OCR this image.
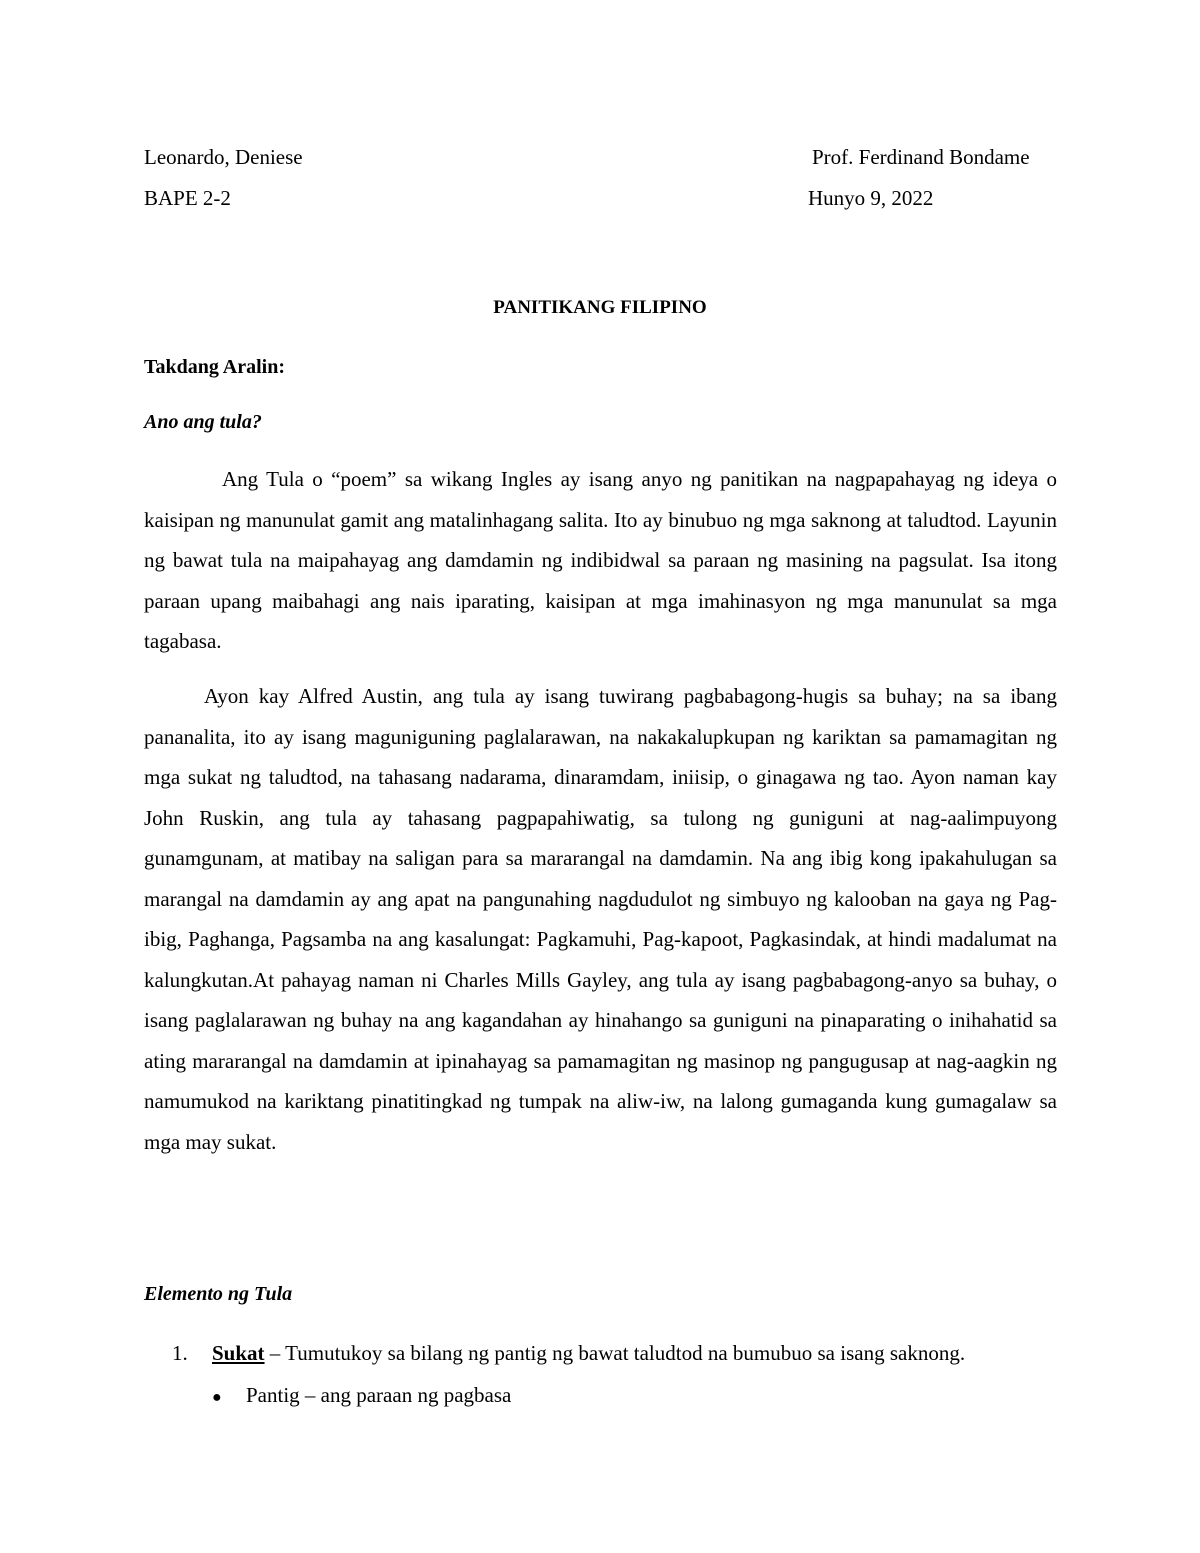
Leonardo, Deniese	Prof. Ferdinand Bondame
BAPE 2-2	Hunyo 9, 2022
PANITIKANG FILIPINO
Takdang Aralin:
Ano ang tula?

Ang Tula o “poem” sa wikang Ingles ay isang anyo ng panitikan na nagpapahayag ng ideya o kaisipan ng manunulat gamit ang matalinhagang salita. Ito ay binubuo ng mga saknong at taludtod. Layunin ng bawat tula na maipahayag ang damdamin ng indibidwal sa paraan ng masining na pagsulat. Isa itong paraan upang maibahagi ang nais iparating, kaisipan at mga imahinasyon ng mga manunulat sa mga tagabasa.

Ayon kay Alfred Austin, ang tula ay isang tuwirang pagbabagong-hugis sa buhay; na sa ibang pananalita, ito ay isang maguniguning paglalarawan, na nakakalupkupan ng kariktan sa pamamagitan ng mga sukat ng taludtod, na tahasang nadarama, dinaramdam, iniisip, o ginagawa ng tao. Ayon naman kay John Ruskin, ang tula ay tahasang pagpapahiwatig, sa tulong ng guniguni at nag-aalimpuyong gunamgunam, at matibay na saligan para sa mararangal na damdamin. Na ang ibig kong ipakahulugan sa marangal na damdamin ay ang apat na pangunahing nagdudulot ng simbuyo ng kalooban na gaya ng Pag-ibig, Paghanga, Pagsamba na ang kasalungat: Pagkamuhi, Pag-kapoot, Pagkasindak, at hindi madalumat na kalungkutan.At pahayag naman ni Charles Mills Gayley, ang tula ay isang pagbabagong-anyo sa buhay, o isang paglalarawan ng buhay na ang kagandahan ay hinahango sa guniguni na pinaparating o inihahatid sa ating mararangal na damdamin at ipinahayag sa pamamagitan ng masinop ng pangugusap at nag-aagkin ng namumukod na kariktang pinatitingkad ng tumpak na aliw-iw, na lalong gumaganda kung gumagalaw sa mga may sukat.

Elemento ng Tula
1. Sukat – Tumutukoy sa bilang ng pantig ng bawat taludtod na bumubuo sa isang saknong.
● Pantig – ang paraan ng pagbasa
